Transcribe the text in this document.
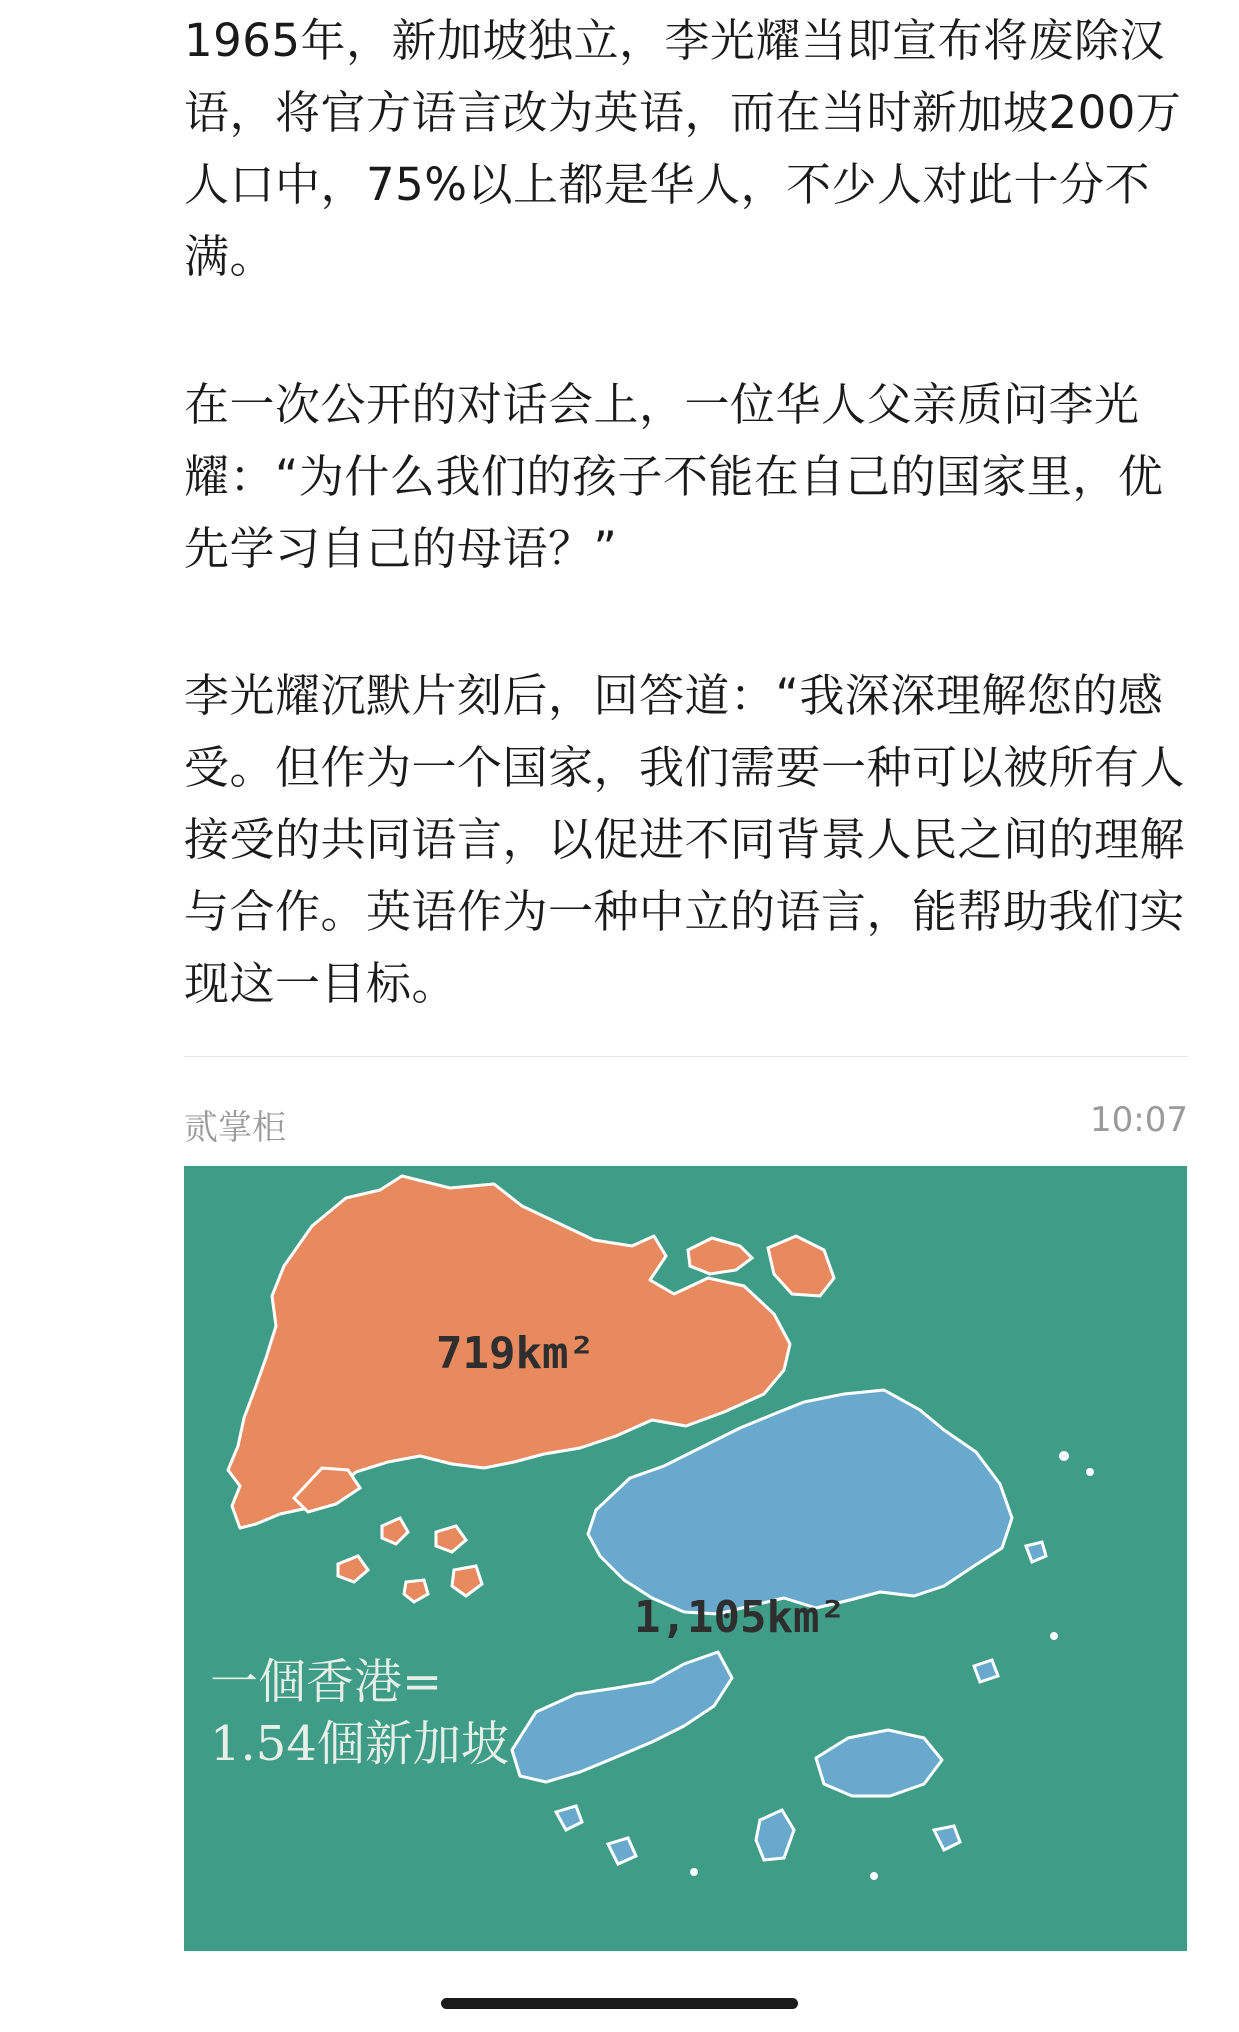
1965年，新加坡独立，李光耀当即宣布将废除汉语，将官方语言改为英语，而在当时新加坡200万人口中，75%以上都是华人，不少人对此十分不满。

在一次公开的对话会上，一位华人父亲质问李光耀：“为什么我们的孩子不能在自己的国家里，优先学习自己的母语？”

李光耀沉默片刻后，回答道：“我深深理解您的感受。但作为一个国家，我们需要一种可以被所有人接受的共同语言，以促进不同背景人民之间的理解与合作。英语作为一种中立的语言，能帮助我们实现这一目标。

贰掌柜	10:07
719km²
1,105km²
一個香港=
1.54個新加坡
